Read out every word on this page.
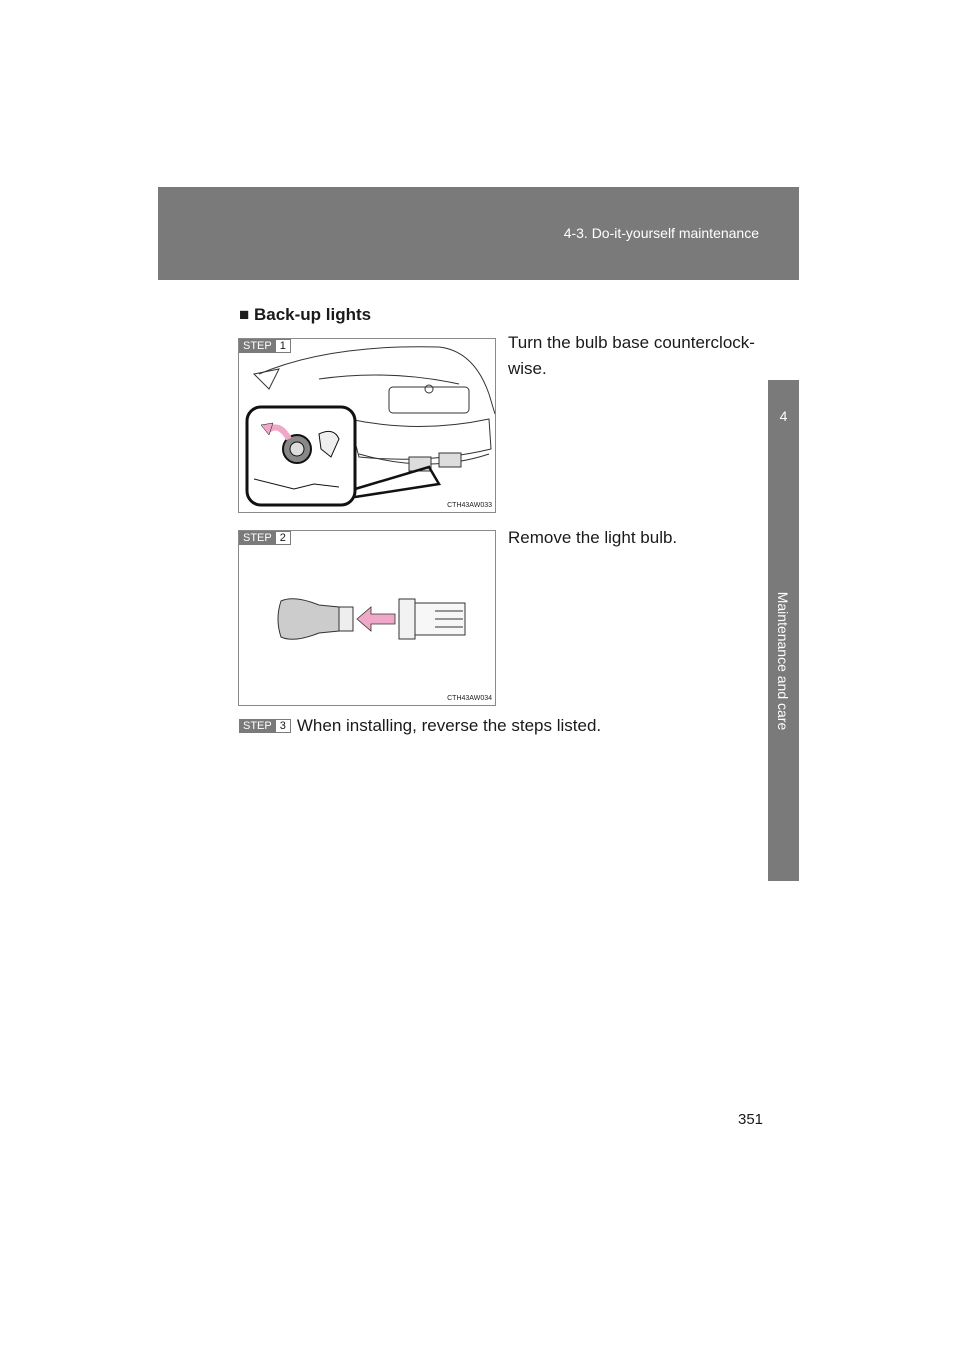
4-3. Do-it-yourself maintenance
4
Maintenance and care
■ Back-up lights
STEP 1
CTH43AW033
Turn the bulb base counterclock-wise.
STEP 2
CTH43AW034
Remove the light bulb.
STEP 3 When installing, reverse the steps listed.
351
